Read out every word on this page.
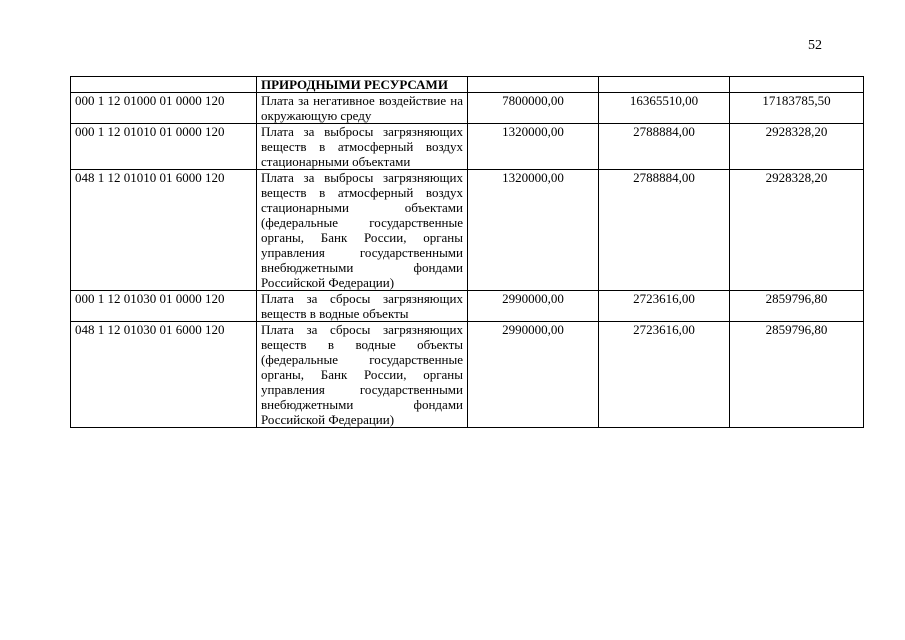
52
	ПРИРОДНЫМИ РЕСУРСАМИ			
000 1 12 01000 01 0000 120	Плата за негативное воздействие на окружающую среду	7800000,00	16365510,00	17183785,50
000 1 12 01010 01 0000 120	Плата за выбросы загрязняющих веществ в атмосферный воздух стационарными объектами	1320000,00	2788884,00	2928328,20
048 1 12 01010 01 6000 120	Плата за выбросы загрязняющих веществ в атмосферный воздух стационарными объектами (федеральные государственные органы, Банк России, органы управления государственными внебюджетными фондами Российской Федерации)	1320000,00	2788884,00	2928328,20
000 1 12 01030 01 0000 120	Плата за сбросы загрязняющих веществ в водные объекты	2990000,00	2723616,00	2859796,80
048 1 12 01030 01 6000 120	Плата за сбросы загрязняющих веществ в водные объекты (федеральные государственные органы, Банк России, органы управления государственными внебюджетными фондами Российской Федерации)	2990000,00	2723616,00	2859796,80
